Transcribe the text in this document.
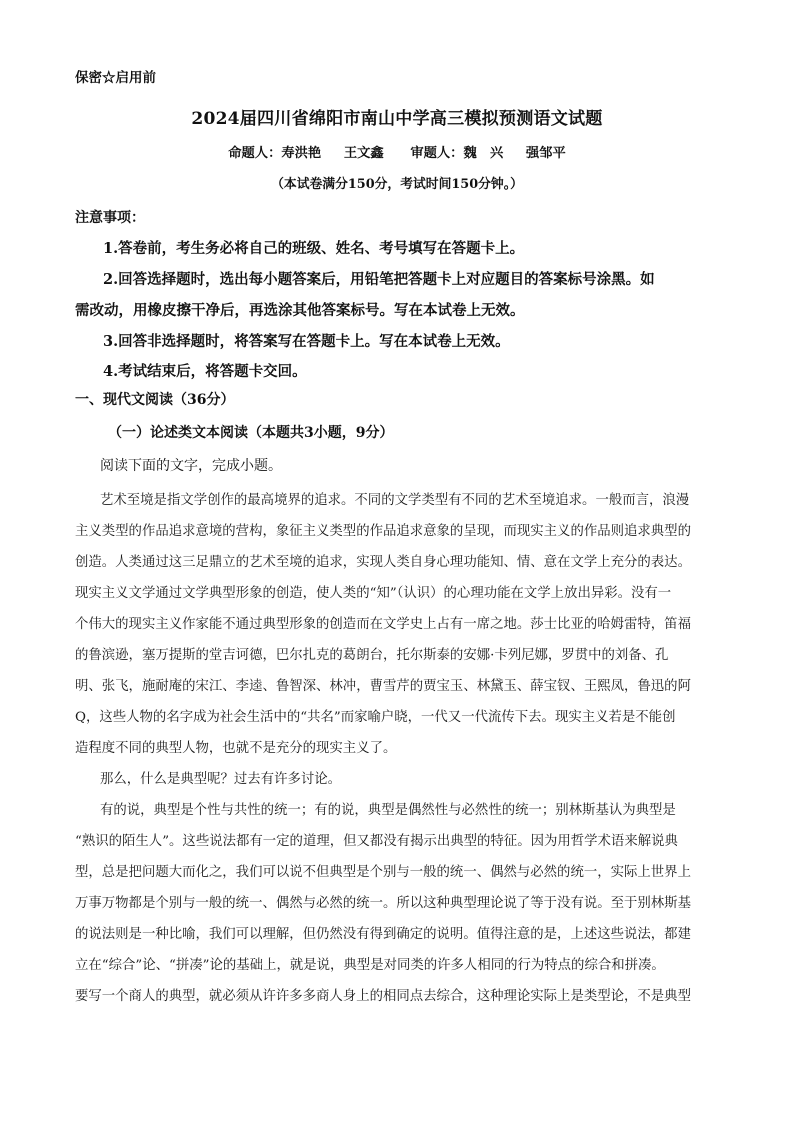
保密☆启用前
2024届四川省绵阳市南山中学高三模拟预测语文试题
命题人：寿洪艳 王文鑫 审题人：魏　兴 强邹平
（本试卷满分150分，考试时间150分钟。）
注意事项：
1.答卷前，考生务必将自己的班级、姓名、考号填写在答题卡上。
2.回答选择题时，选出每小题答案后，用铅笔把答题卡上对应题目的答案标号涂黑。如
需改动，用橡皮擦干净后，再选涂其他答案标号。写在本试卷上无效。
3.回答非选择题时，将答案写在答题卡上。写在本试卷上无效。
4.考试结束后，将答题卡交回。
一、现代文阅读（36分）
（一）论述类文本阅读（本题共3小题，9分）
阅读下面的文字，完成小题。
艺术至境是指文学创作的最高境界的追求。不同的文学类型有不同的艺术至境追求。一般而言，浪漫
主义类型的作品追求意境的营构，象征主义类型的作品追求意象的呈现，而现实主义的作品则追求典型的
创造。人类通过这三足鼎立的艺术至境的追求，实现人类自身心理功能知、情、意在文学上充分的表达。
现实主义文学通过文学典型形象的创造，使人类的“知”（认识）的心理功能在文学上放出异彩。没有一
个伟大的现实主义作家能不通过典型形象的创造而在文学史上占有一席之地。莎士比亚的哈姆雷特，笛福
的鲁滨逊，塞万提斯的堂吉诃德，巴尔扎克的葛朗台，托尔斯泰的安娜·卡列尼娜，罗贯中的刘备、孔
明、张飞，施耐庵的宋江、李逵、鲁智深、林冲，曹雪芹的贾宝玉、林黛玉、薛宝钗、王熙凤，鲁迅的阿
Q，这些人物的名字成为社会生活中的“共名”而家喻户晓，一代又一代流传下去。现实主义若是不能创
造程度不同的典型人物，也就不是充分的现实主义了。
那么，什么是典型呢？过去有许多讨论。
有的说，典型是个性与共性的统一；有的说，典型是偶然性与必然性的统一；别林斯基认为典型是
“熟识的陌生人”。这些说法都有一定的道理，但又都没有揭示出典型的特征。因为用哲学术语来解说典
型，总是把问题大而化之，我们可以说不但典型是个别与一般的统一、偶然与必然的统一，实际上世界上
万事万物都是个别与一般的统一、偶然与必然的统一。所以这种典型理论说了等于没有说。至于别林斯基
的说法则是一种比喻，我们可以理解，但仍然没有得到确定的说明。值得注意的是，上述这些说法，都建
立在“综合”论、“拼凑”论的基础上，就是说，典型是对同类的许多人相同的行为特点的综合和拼凑。
要写一个商人的典型，就必须从许许多多商人身上的相同点去综合，这种理论实际上是类型论，不是典型
